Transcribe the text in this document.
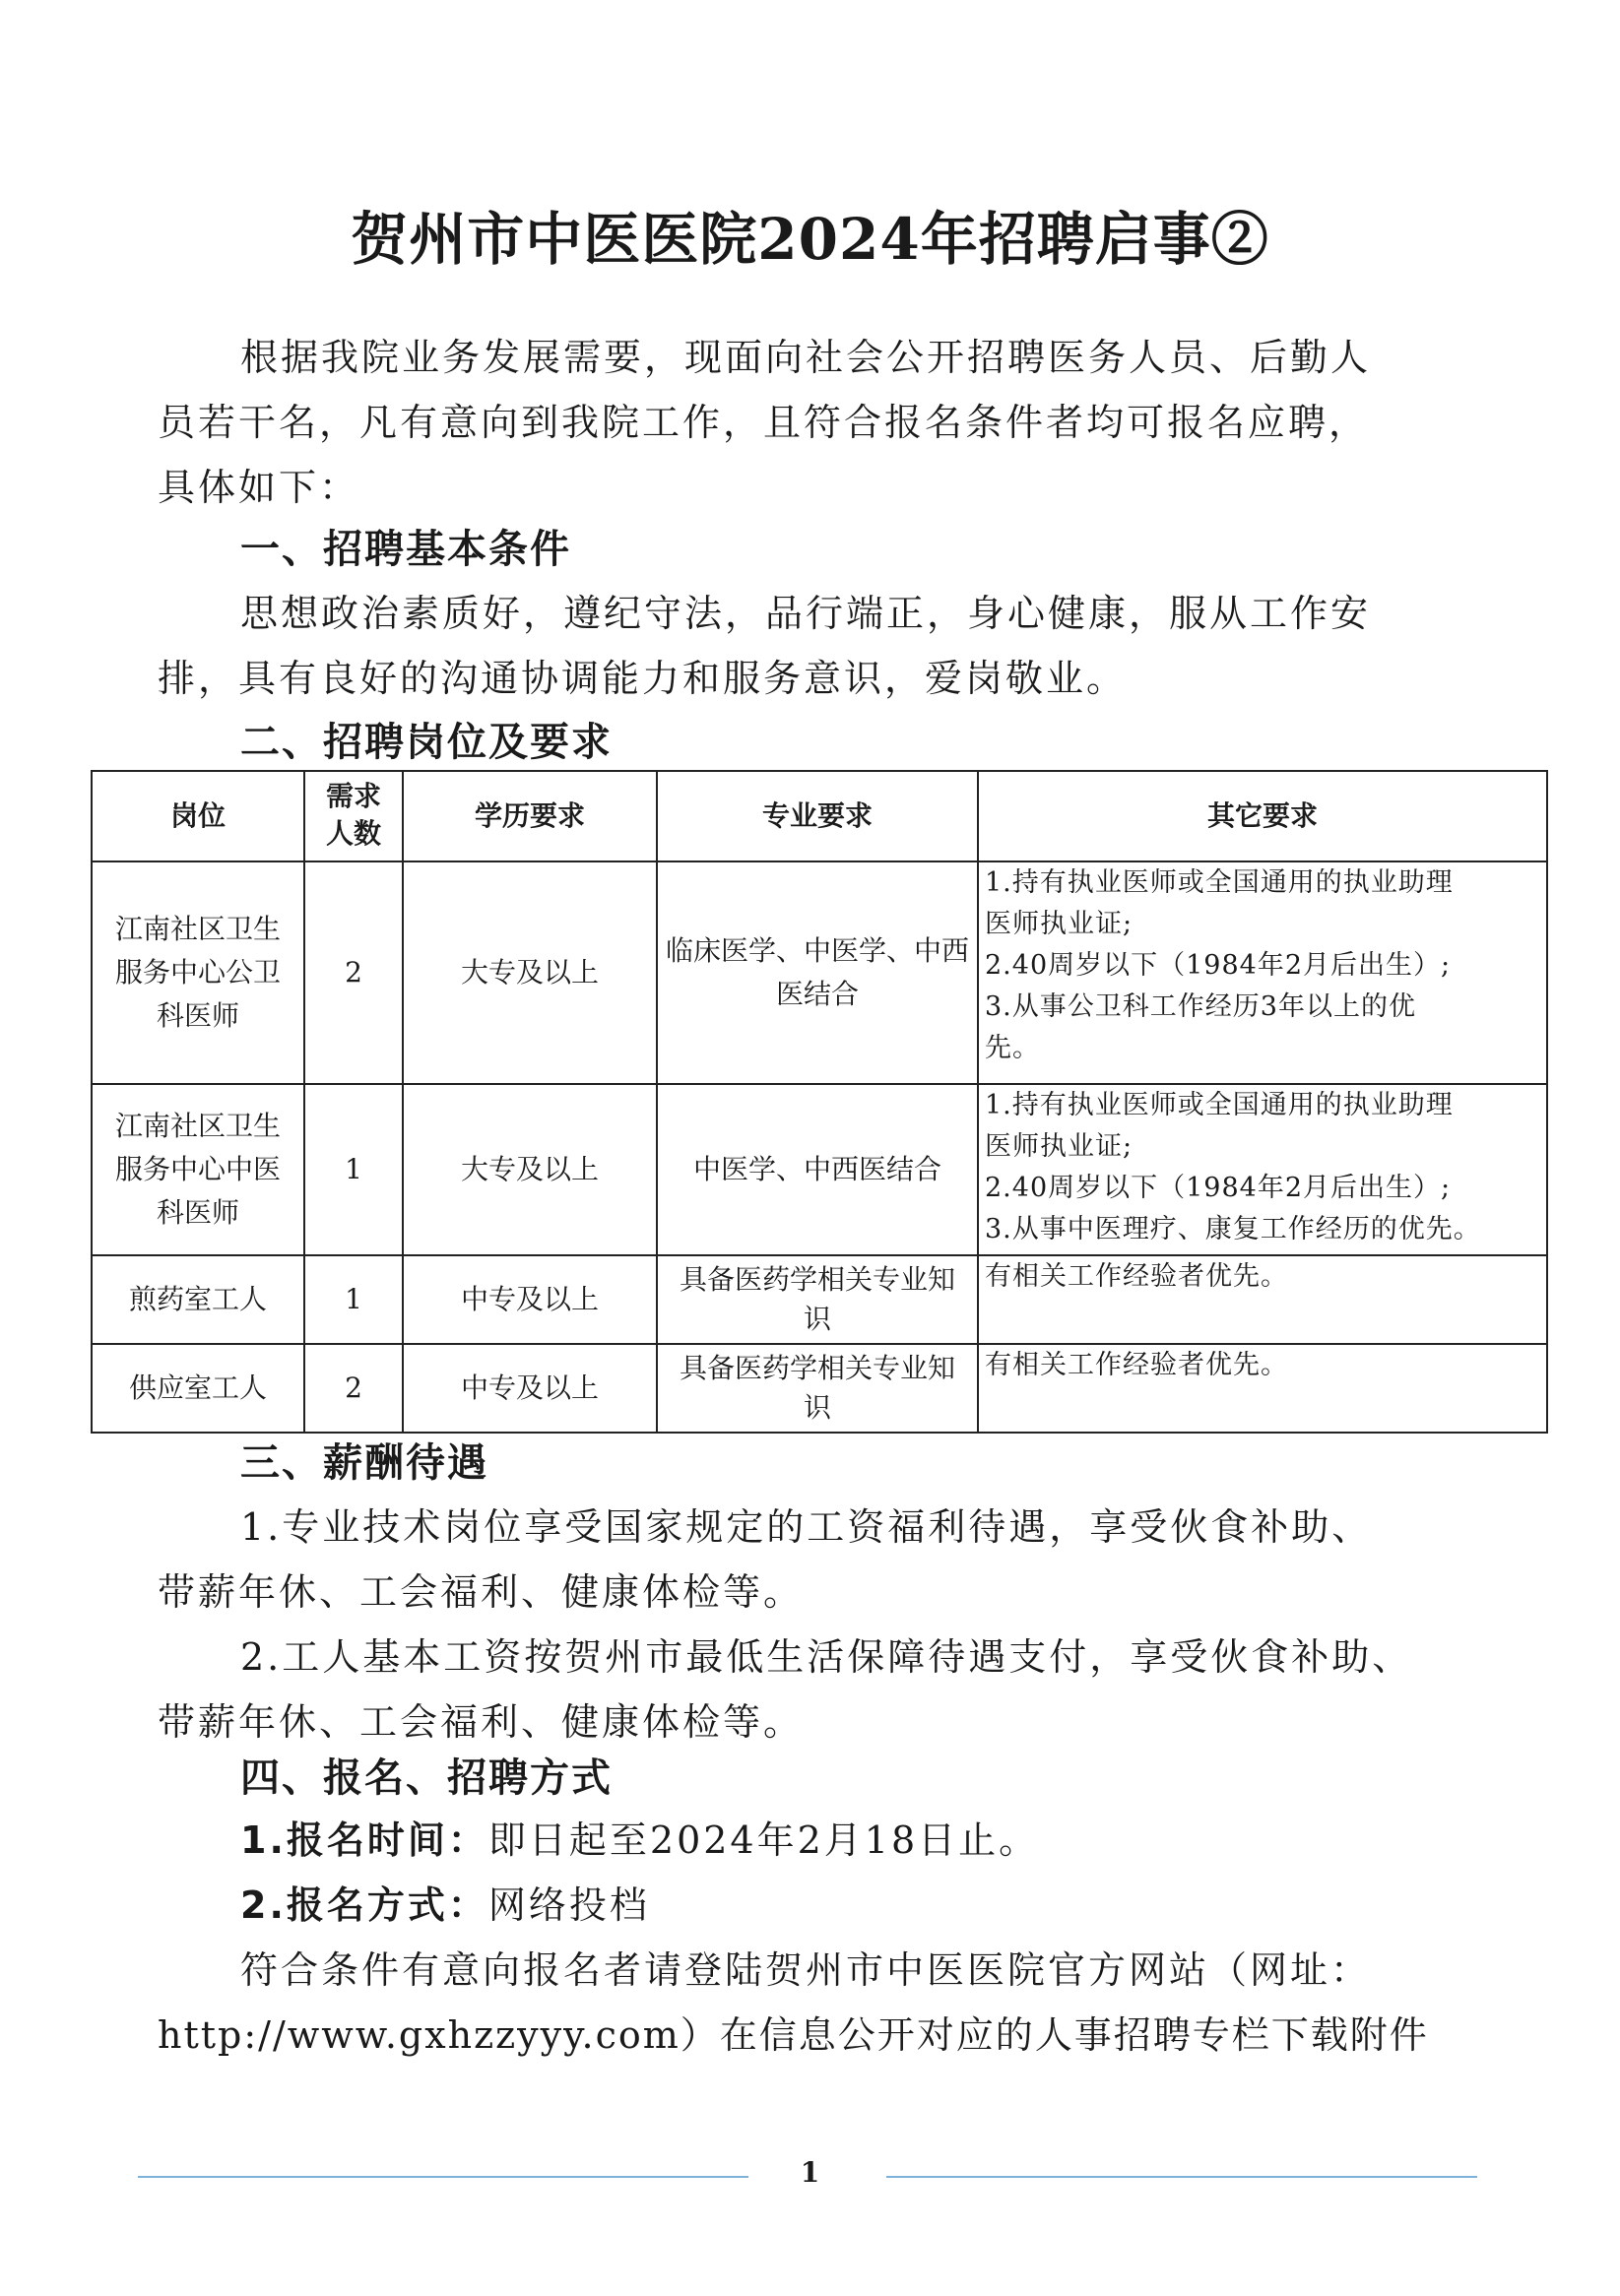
贺州市中医医院2024年招聘启事②
根据我院业务发展需要，现面向社会公开招聘医务人员、后勤人
员若干名，凡有意向到我院工作，且符合报名条件者均可报名应聘，
具体如下：
一、招聘基本条件
思想政治素质好，遵纪守法，品行端正，身心健康，服从工作安
排，具有良好的沟通协调能力和服务意识，爱岗敬业。
二、招聘岗位及要求
岗位	需求人数	学历要求	专业要求	其它要求
江南社区卫生服务中心公卫科医师	2	大专及以上	临床医学、中医学、中西医结合	1.持有执业医师或全国通用的执业助理
医师执业证;
2.40周岁以下（1984年2月后出生）;
3.从事公卫科工作经历3年以上的优
先。

江南社区卫生服务中心中医科医师	1	大专及以上	中医学、中西医结合	1.持有执业医师或全国通用的执业助理
医师执业证;
2.40周岁以下（1984年2月后出生）;
3.从事中医理疗、康复工作经历的优先。

煎药室工人	1	中专及以上	具备医药学相关专业知识	有相关工作经验者优先。

供应室工人	2	中专及以上	具备医药学相关专业知识	有相关工作经验者优先。
三、薪酬待遇
1.专业技术岗位享受国家规定的工资福利待遇，享受伙食补助、
带薪年休、工会福利、健康体检等。
2.工人基本工资按贺州市最低生活保障待遇支付，享受伙食补助、
带薪年休、工会福利、健康体检等。
四、报名、招聘方式
1.报名时间：即日起至2024年2月18日止。
2.报名方式：网络投档
符合条件有意向报名者请登陆贺州市中医医院官方网站（网址：
http://www.gxhzzyyy.com）在信息公开对应的人事招聘专栏下载附件
1
